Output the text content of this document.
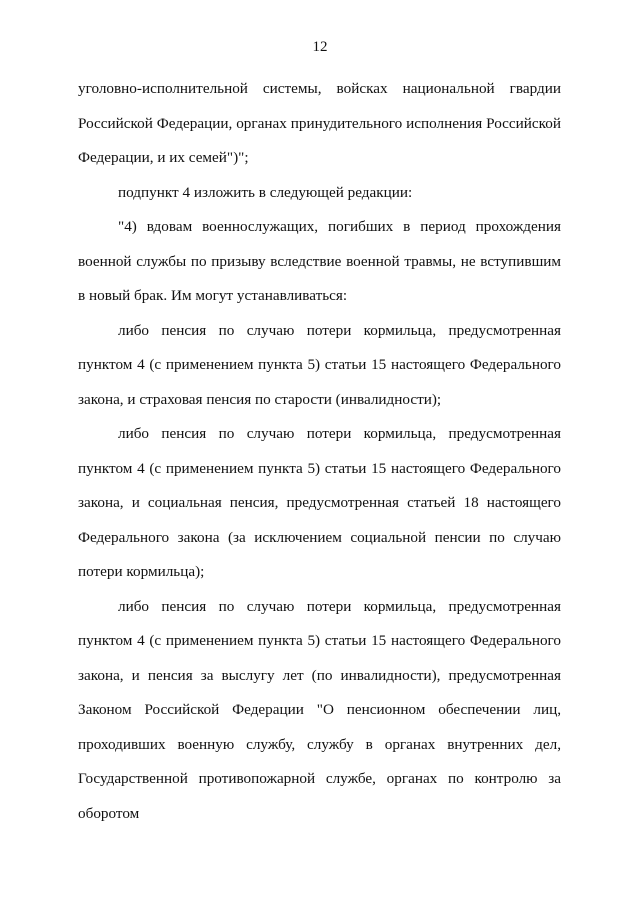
12

уголовно-исполнительной системы, войсках национальной гвардии Российской Федерации, органах принудительного исполнения Российской Федерации, и их семей")";

подпункт 4 изложить в следующей редакции:

"4) вдовам военнослужащих, погибших в период прохождения военной службы по призыву вследствие военной травмы, не вступившим в новый брак. Им могут устанавливаться:

либо пенсия по случаю потери кормильца, предусмотренная пунктом 4 (с применением пункта 5) статьи 15 настоящего Федерального закона, и страховая пенсия по старости (инвалидности);

либо пенсия по случаю потери кормильца, предусмотренная пунктом 4 (с применением пункта 5) статьи 15 настоящего Федерального закона, и социальная пенсия, предусмотренная статьей 18 настоящего Федерального закона (за исключением социальной пенсии по случаю потери кормильца);

либо пенсия по случаю потери кормильца, предусмотренная пунктом 4 (с применением пункта 5) статьи 15 настоящего Федерального закона, и пенсия за выслугу лет (по инвалидности), предусмотренная Законом Российской Федерации "О пенсионном обеспечении лиц, проходивших военную службу, службу в органах внутренних дел, Государственной противопожарной службе, органах по контролю за оборотом
